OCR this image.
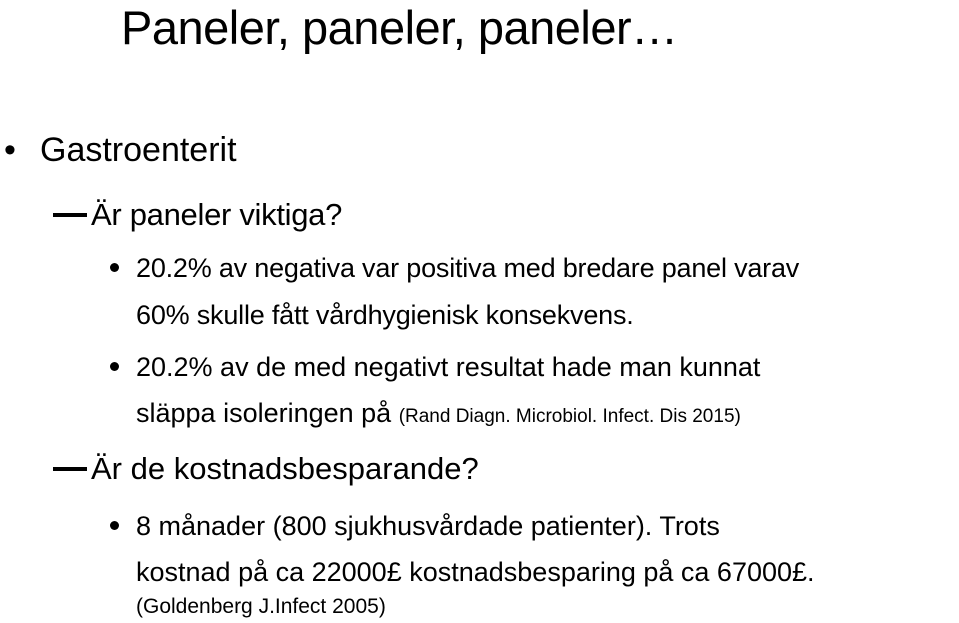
Paneler, paneler, paneler…
• Gastroenterit
Är paneler viktiga?
20.2% av negativa var positiva med bredare panel varav
60% skulle fått vårdhygienisk konsekvens.
20.2% av de med negativt resultat hade man kunnat
släppa isoleringen på (Rand Diagn. Microbiol. Infect. Dis 2015)
Är de kostnadsbesparande?
8 månader (800 sjukhusvårdade patienter). Trots
kostnad på ca 22000£ kostnadsbesparing på ca 67000£.
(Goldenberg J.Infect 2005)
